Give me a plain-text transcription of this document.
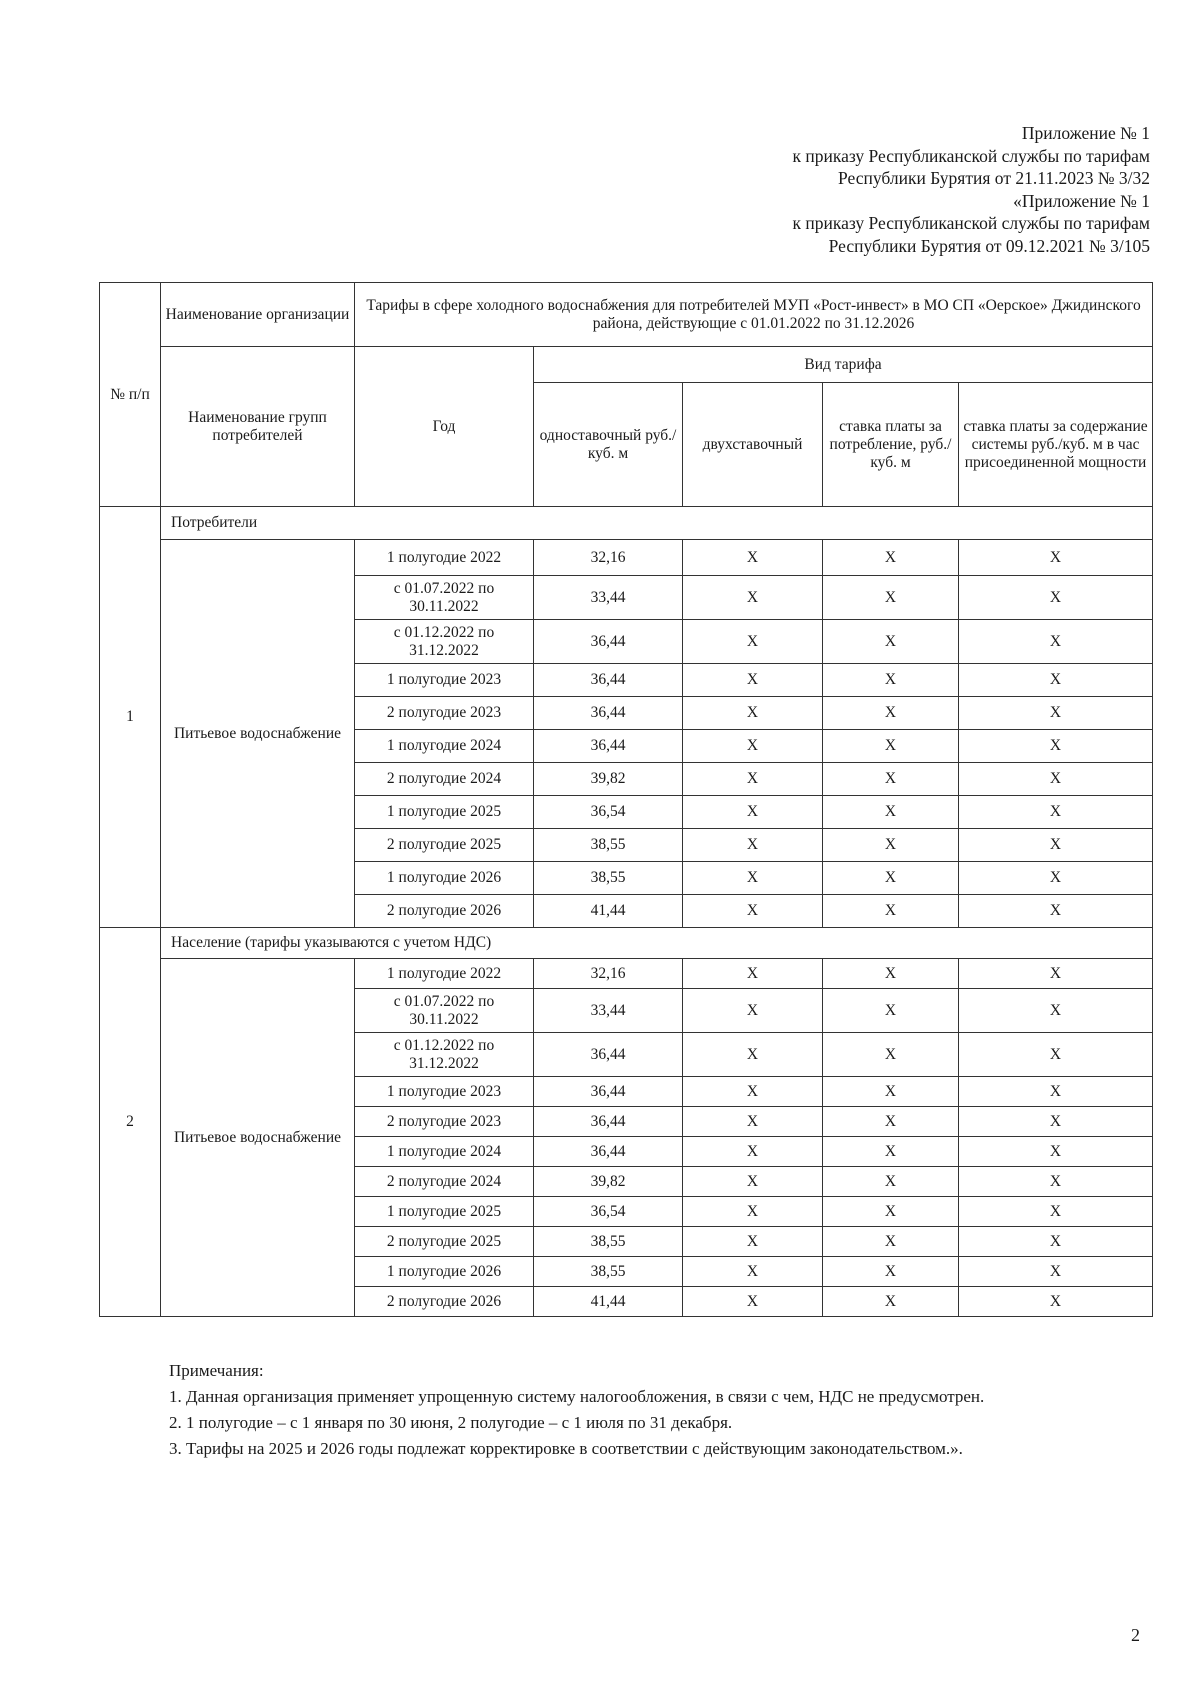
Приложение № 1
к приказу Республиканской службы по тарифам
Республики Бурятия от 21.11.2023 № 3/32
«Приложение № 1
к приказу Республиканской службы по тарифам
Республики Бурятия от 09.12.2021 № 3/105
№ п/п	Наименование организации	Тарифы в сфере холодного водоснабжения для потребителей МУП «Рост-инвест» в МО СП «Оерское» Джидинского района, действующие с 01.01.2022 по 31.12.2026				
	Наименование групп потребителей	Год	Вид тарифа			
			одноставочный руб./ куб. м	двухставочный	ставка платы за потребление, руб./ куб. м	ставка платы за содержание системы руб./куб. м в час присоединенной мощности
1	Потребители					
	Питьевое водоснабжение	1 полугодие 2022	32,16	X	X	X
		с 01.07.2022 по 30.11.2022	33,44	X	X	X
		с 01.12.2022 по 31.12.2022	36,44	X	X	X
		1 полугодие 2023	36,44	X	X	X
		2 полугодие 2023	36,44	X	X	X
		1 полугодие 2024	36,44	X	X	X
		2 полугодие 2024	39,82	X	X	X
		1 полугодие 2025	36,54	X	X	X
		2 полугодие 2025	38,55	X	X	X
		1 полугодие 2026	38,55	X	X	X
		2 полугодие 2026	41,44	X	X	X
2	Население (тарифы указываются с учетом НДС)					
	Питьевое водоснабжение	1 полугодие 2022	32,16	X	X	X
		с 01.07.2022 по 30.11.2022	33,44	X	X	X
		с 01.12.2022 по 31.12.2022	36,44	X	X	X
		1 полугодие 2023	36,44	X	X	X
		2 полугодие 2023	36,44	X	X	X
		1 полугодие 2024	36,44	X	X	X
		2 полугодие 2024	39,82	X	X	X
		1 полугодие 2025	36,54	X	X	X
		2 полугодие 2025	38,55	X	X	X
		1 полугодие 2026	38,55	X	X	X
		2 полугодие 2026	41,44	X	X	X

Примечания:

1. Данная организация применяет упрощенную систему налогообложения, в связи с чем, НДС не предусмотрен.

2. 1 полугодие – с 1 января по 30 июня, 2 полугодие – с 1 июля по 31 декабря.

3. Тарифы на 2025 и 2026 годы подлежат корректировке в соответствии с действующим законодательством.».

2
